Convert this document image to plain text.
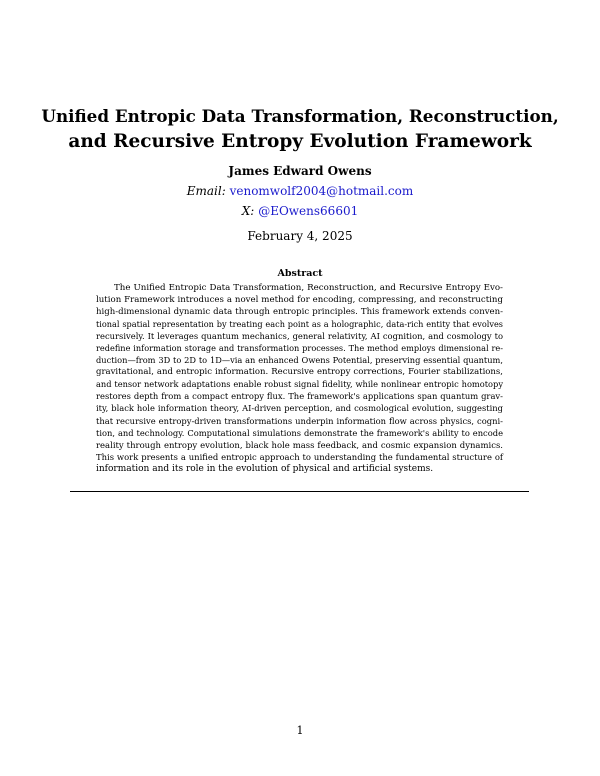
Unified Entropic Data Transformation, Reconstruction,
and Recursive Entropy Evolution Framework
James Edward Owens
Email: venomwolf2004@hotmail.com
X: @EOwens66601
February 4, 2025
Abstract
The Unified Entropic Data Transformation, Reconstruction, and Recursive Entropy Evo-
lution Framework introduces a novel method for encoding, compressing, and reconstructing
high-dimensional dynamic data through entropic principles. This framework extends conven-
tional spatial representation by treating each point as a holographic, data-rich entity that evolves
recursively. It leverages quantum mechanics, general relativity, AI cognition, and cosmology to
redefine information storage and transformation processes. The method employs dimensional re-
duction—from 3D to 2D to 1D—via an enhanced Owens Potential, preserving essential quantum,
gravitational, and entropic information. Recursive entropy corrections, Fourier stabilizations,
and tensor network adaptations enable robust signal fidelity, while nonlinear entropic homotopy
restores depth from a compact entropy flux. The framework's applications span quantum grav-
ity, black hole information theory, AI-driven perception, and cosmological evolution, suggesting
that recursive entropy-driven transformations underpin information flow across physics, cogni-
tion, and technology. Computational simulations demonstrate the framework's ability to encode
reality through entropy evolution, black hole mass feedback, and cosmic expansion dynamics.
This work presents a unified entropic approach to understanding the fundamental structure of
information and its role in the evolution of physical and artificial systems.
1
